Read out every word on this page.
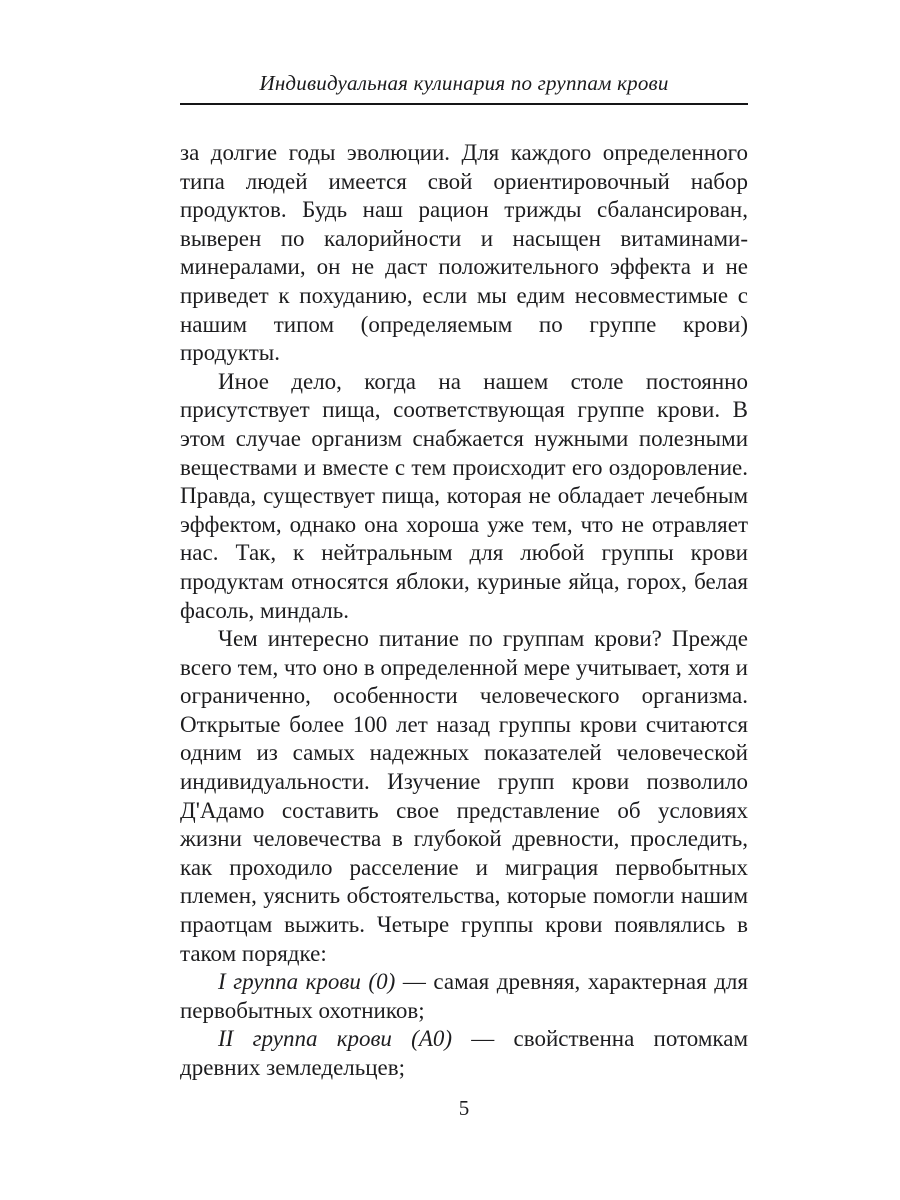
Индивидуальная кулинария по группам крови

за долгие годы эволюции. Для каждого определенного типа людей имеется свой ориентировочный набор продуктов. Будь наш рацион трижды сбалансирован, выверен по калорийности и насыщен витаминами-минералами, он не даст положительного эффекта и не приведет к похуданию, если мы едим несовместимые с нашим типом (определяемым по группе крови) продукты.

Иное дело, когда на нашем столе постоянно присутствует пища, соответствующая группе крови. В этом случае организм снабжается нужными полезными веществами и вместе с тем происходит его оздоровление. Правда, существует пища, которая не обладает лечебным эффектом, однако она хороша уже тем, что не отравляет нас. Так, к нейтральным для любой группы крови продуктам относятся яблоки, куриные яйца, горох, белая фасоль, миндаль.

Чем интересно питание по группам крови? Прежде всего тем, что оно в определенной мере учитывает, хотя и ограниченно, особенности человеческого организма. Открытые более 100 лет назад группы крови считаются одним из самых надежных показателей человеческой индивидуальности. Изучение групп крови позволило Д'Адамо составить свое представление об условиях жизни человечества в глубокой древности, проследить, как проходило расселение и миграция первобытных племен, уяснить обстоятельства, которые помогли нашим праотцам выжить. Четыре группы крови появлялись в таком порядке:

I группа крови (0) — самая древняя, характерная для первобытных охотников;

II группа крови (А0) — свойственна потомкам древних земледельцев;

5
